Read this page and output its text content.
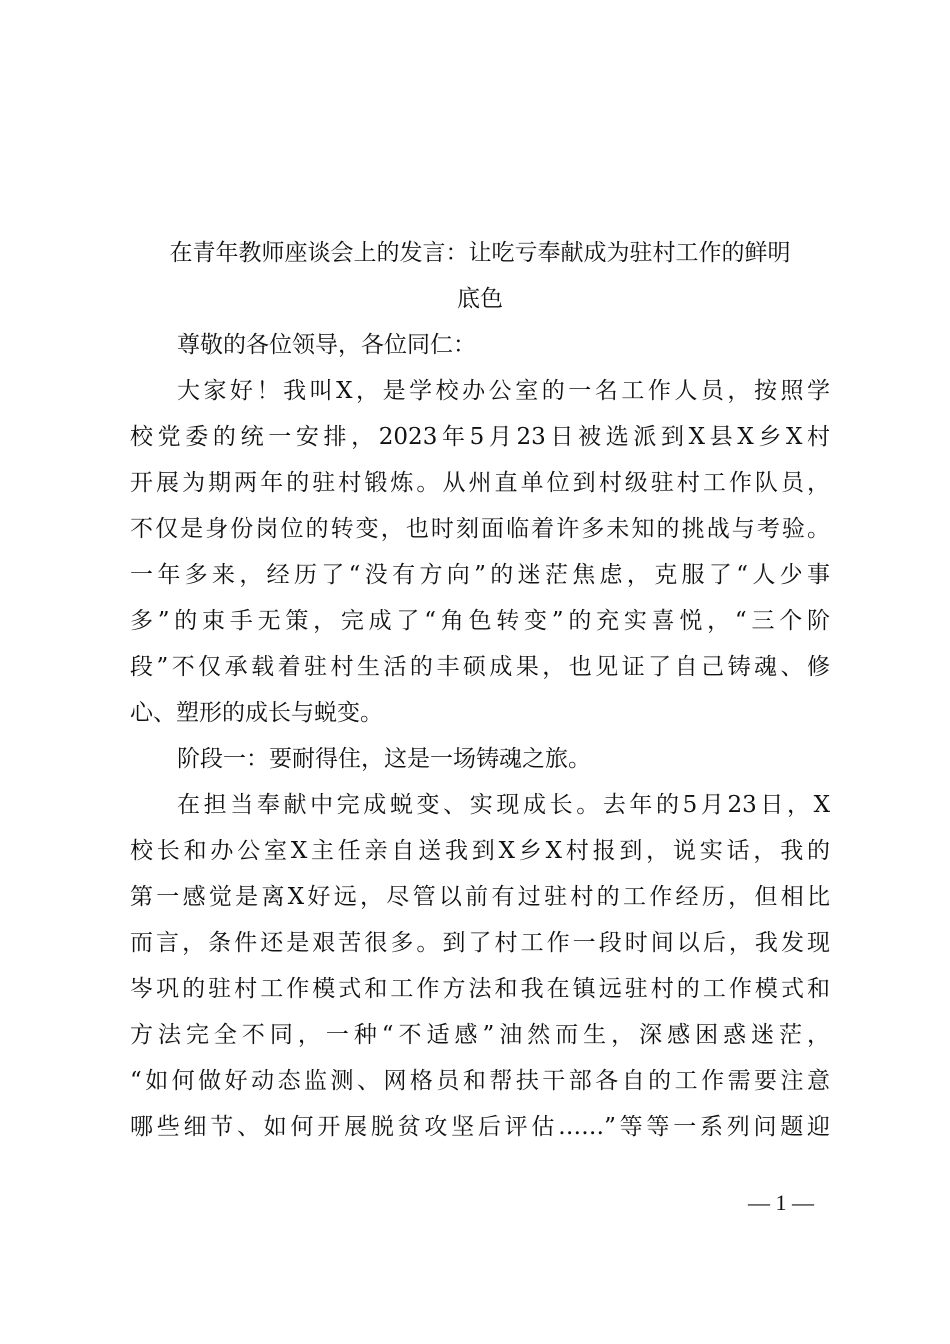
在青年教师座谈会上的发言：让吃亏奉献成为驻村工作的鲜明
底色
尊敬的各位领导，各位同仁：
大家好！我叫X，是学校办公室的一名工作人员，按照学
校党委的统一安排，2023年5月23日被选派到X县X乡X村
开展为期两年的驻村锻炼。从州直单位到村级驻村工作队员，
不仅是身份岗位的转变，也时刻面临着许多未知的挑战与考验。
一年多来，经历了“没有方向”的迷茫焦虑，克服了“人少事
多”的束手无策，完成了“角色转变”的充实喜悦，“三个阶
段”不仅承载着驻村生活的丰硕成果，也见证了自己铸魂、修
心、塑形的成长与蜕变。
阶段一：要耐得住，这是一场铸魂之旅。
在担当奉献中完成蜕变、实现成长。去年的5月23日，X
校长和办公室X主任亲自送我到X乡X村报到，说实话，我的
第一感觉是离X好远，尽管以前有过驻村的工作经历，但相比
而言，条件还是艰苦很多。到了村工作一段时间以后，我发现
岑巩的驻村工作模式和工作方法和我在镇远驻村的工作模式和
方法完全不同，一种“不适感”油然而生，深感困惑迷茫，
“如何做好动态监测、网格员和帮扶干部各自的工作需要注意
哪些细节、如何开展脱贫攻坚后评估……”等等一系列问题迎
— 1 —
